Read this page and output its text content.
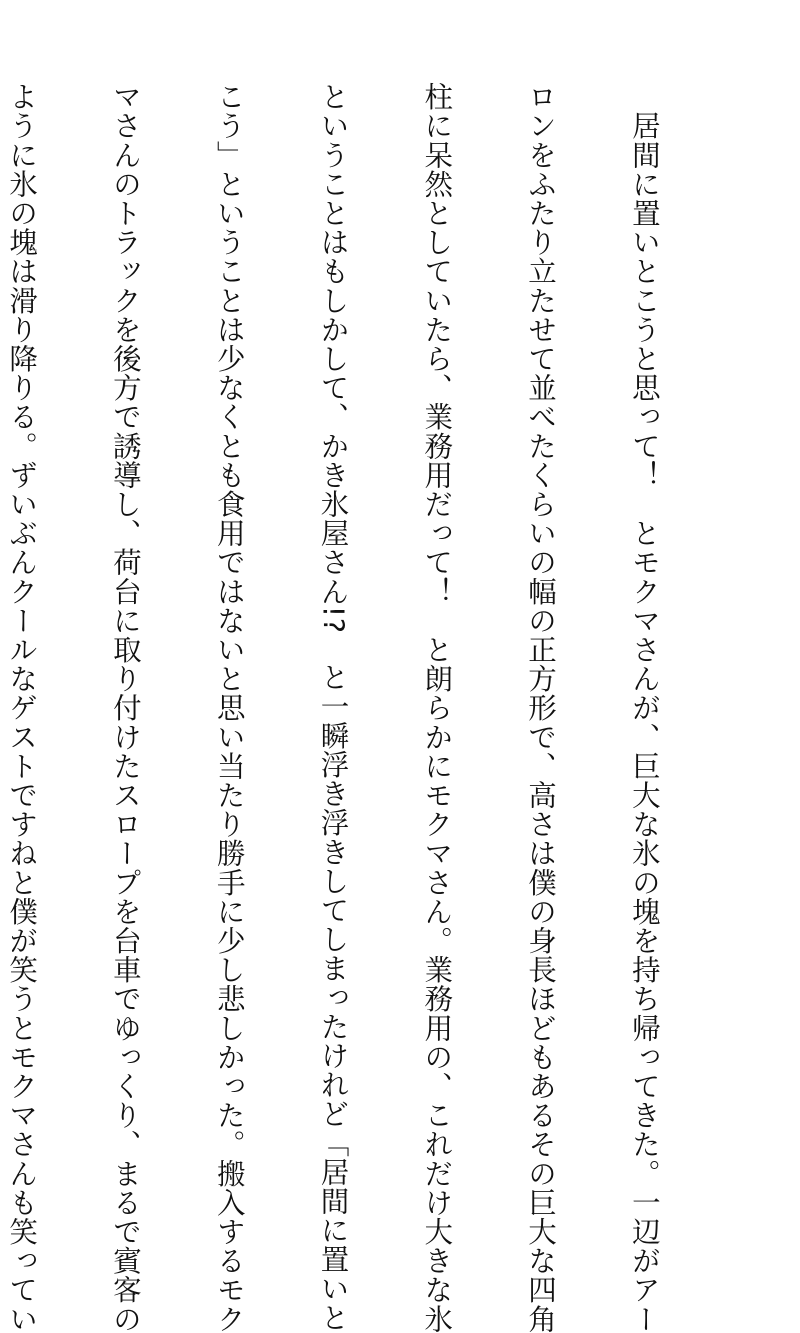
　居間に置いとこうと思って！　とモクマさんが、巨大な氷の塊を持ち帰ってきた。一辺がアー

ロンをふたり立たせて並べたくらいの幅の正方形で、高さは僕の身長ほどもあるその巨大な四角

柱に呆然としていたら、業務用だって！　と朗らかにモクマさん。業務用の、これだけ大きな氷

ということはもしかして、かき氷屋さん!?　と一瞬浮き浮きしてしまったけれど「居間に置いと

こう」ということは少なくとも食用ではないと思い当たり勝手に少し悲しかった。搬入するモク

マさんのトラックを後方で誘導し、荷台に取り付けたスロープを台車でゆっくり、まるで賓客の

ように氷の塊は滑り降りる。ずいぶんクールなゲストですねと僕が笑うとモクマさんも笑ってい
